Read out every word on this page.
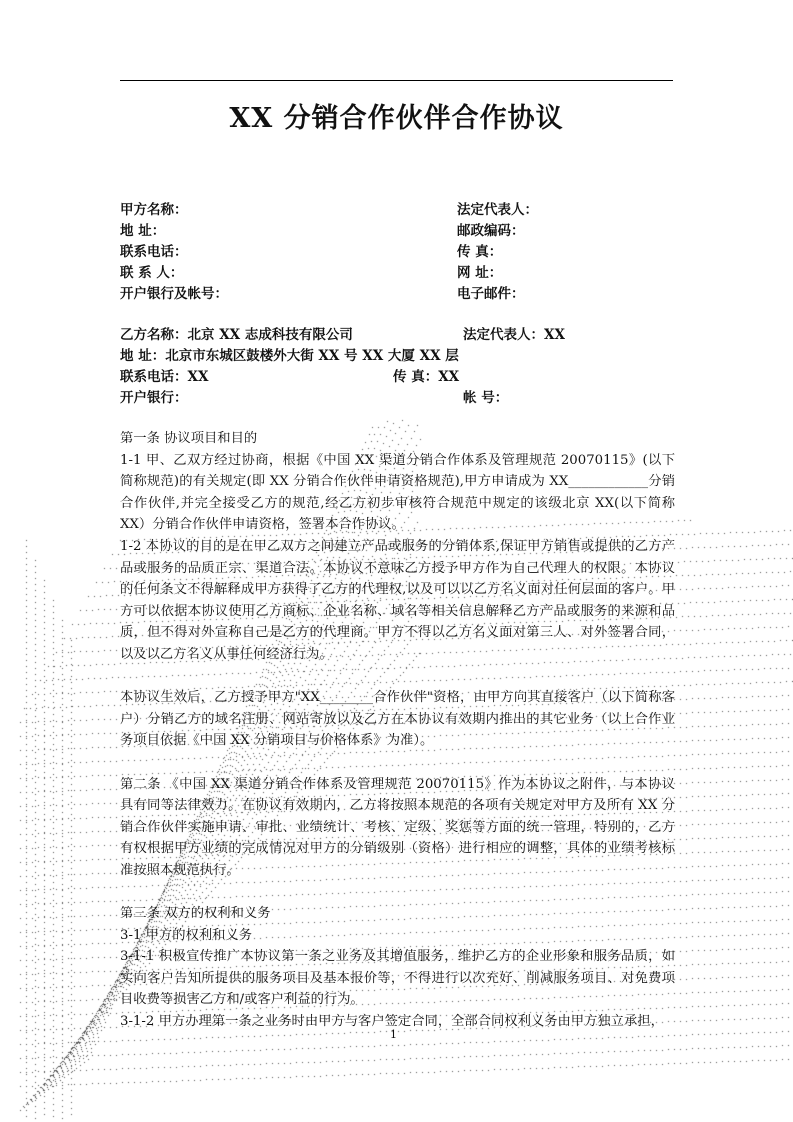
XX 分销合作伙伴合作协议
甲方名称：	法定代表人：
地 址：	邮政编码：
联系电话：	传 真：
联 系 人：	网 址：
开户银行及帐号：	电子邮件：
乙方名称：北京 XX 志成科技有限公司	法定代表人：XX
地 址：北京市东城区鼓楼外大街 XX 号 XX 大厦 XX 层
联系电话：XX	传 真：XX
开户银行：	帐 号：

第一条 协议项目和目的

1-1 甲、乙双方经过协商，根据《中国 XX 渠道分销合作体系及管理规范 20070115》(以下简称规范)的有关规定(即 XX 分销合作伙伴申请资格规范),甲方申请成为 XX____________分销合作伙伴,并完全接受乙方的规范,经乙方初步审核符合规范中规定的该级北京 XX(以下简称 XX）分销合作伙伴申请资格，签署本合作协议。

1-2 本协议的目的是在甲乙双方之间建立产品或服务的分销体系,保证甲方销售或提供的乙方产品或服务的品质正宗、渠道合法。本协议不意味乙方授予甲方作为自己代理人的权限。本协议的任何条文不得解释成甲方获得了乙方的代理权,以及可以以乙方名义面对任何层面的客户。甲方可以依据本协议使用乙方商标、企业名称、域名等相关信息解释乙方产品或服务的来源和品质，但不得对外宣称自己是乙方的代理商。甲方不得以乙方名义面对第三人、对外签署合同，以及以乙方名义从事任何经济行为。

本协议生效后，乙方授予甲方"XX________合作伙伴"资格，由甲方向其直接客户（以下简称客户）分销乙方的域名注册、网站寄放以及乙方在本协议有效期内推出的其它业务（以上合作业务项目依据《中国 XX 分销项目与价格体系》为准）。

第二条 《中国 XX 渠道分销合作体系及管理规范 20070115》作为本协议之附件，与本协议具有同等法律效力。在协议有效期内，乙方将按照本规范的各项有关规定对甲方及所有 XX 分销合作伙伴实施申请、审批、业绩统计、考核、定级、奖惩等方面的统一管理，特别的，乙方有权根据甲方业绩的完成情况对甲方的分销级别（资格）进行相应的调整，具体的业绩考核标准按照本规范执行。

第三条 双方的权利和义务

3-1 甲方的权利和义务

3-1-1 积极宣传推广本协议第一条之业务及其增值服务，维护乙方的企业形象和服务品质，如实向客户告知所提供的服务项目及基本报价等，不得进行以次充好、削减服务项目、对免费项目收费等损害乙方和/或客户利益的行为。

3-1-2 甲方办理第一条之业务时由甲方与客户签定合同，全部合同权利义务由甲方独立承担，

1
